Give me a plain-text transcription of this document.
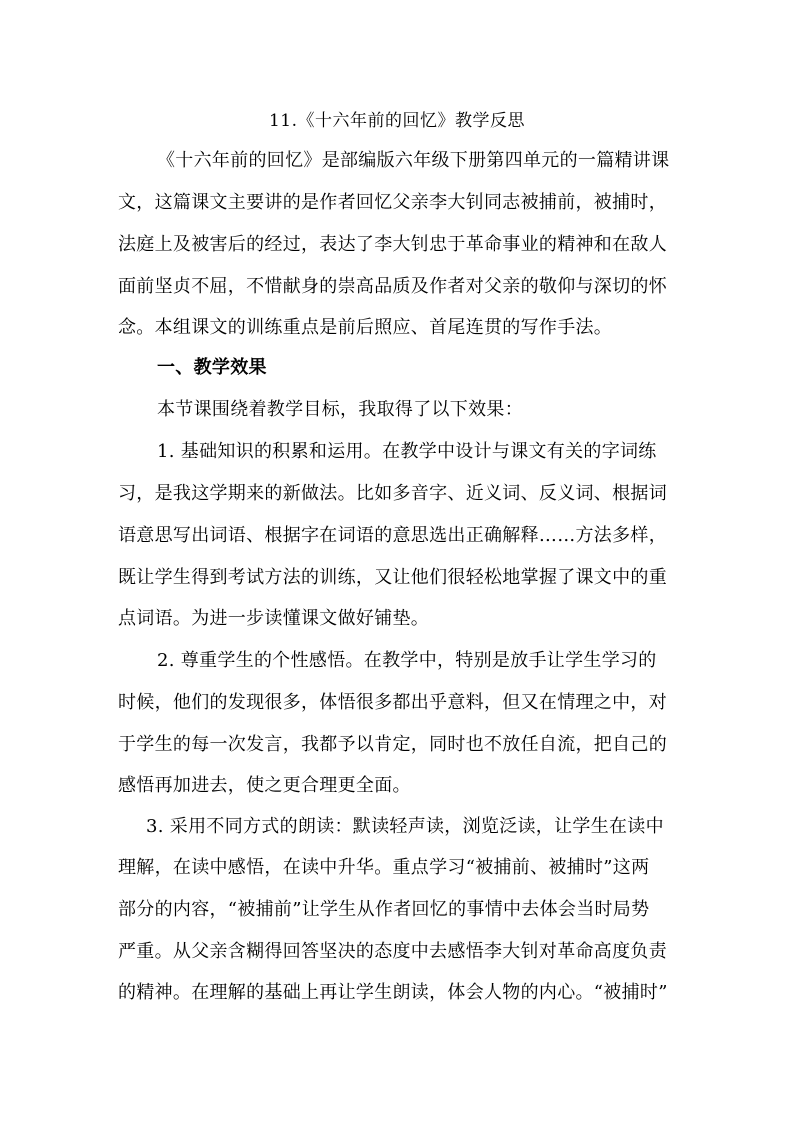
11.《十六年前的回忆》教学反思
《十六年前的回忆》是部编版六年级下册第四单元的一篇精讲课
文，这篇课文主要讲的是作者回忆父亲李大钊同志被捕前，被捕时，
法庭上及被害后的经过，表达了李大钊忠于革命事业的精神和在敌人
面前坚贞不屈，不惜献身的崇高品质及作者对父亲的敬仰与深切的怀
念。本组课文的训练重点是前后照应、首尾连贯的写作手法。
一、教学效果
本节课围绕着教学目标，我取得了以下效果：
1. 基础知识的积累和运用。在教学中设计与课文有关的字词练
习，是我这学期来的新做法。比如多音字、近义词、反义词、根据词
语意思写出词语、根据字在词语的意思选出正确解释……方法多样，
既让学生得到考试方法的训练，又让他们很轻松地掌握了课文中的重
点词语。为进一步读懂课文做好铺垫。
2. 尊重学生的个性感悟。在教学中，特别是放手让学生学习的
时候，他们的发现很多，体悟很多都出乎意料，但又在情理之中，对
于学生的每一次发言，我都予以肯定，同时也不放任自流，把自己的
感悟再加进去，使之更合理更全面。
3. 采用不同方式的朗读：默读轻声读，浏览泛读，让学生在读中
理解，在读中感悟，在读中升华。重点学习“被捕前、被捕时”这两
部分的内容，“被捕前”让学生从作者回忆的事情中去体会当时局势
严重。从父亲含糊得回答坚决的态度中去感悟李大钊对革命高度负责
的精神。在理解的基础上再让学生朗读，体会人物的内心。“被捕时”
